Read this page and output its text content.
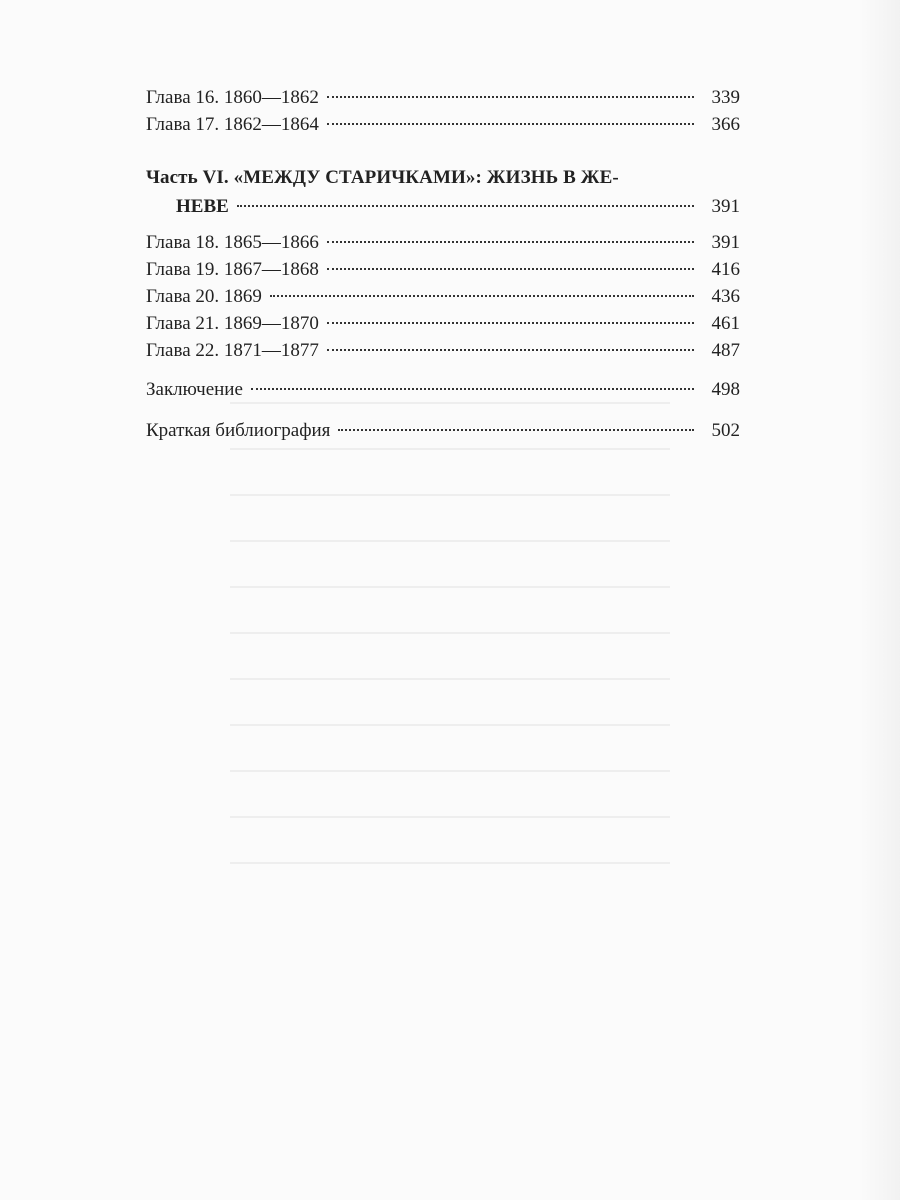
Глава 16. 1860—1862	339
Глава 17. 1862—1864	366
Часть VI. «МЕЖДУ СТАРИЧКАМИ»: ЖИЗНЬ В ЖЕ-
НЕВЕ	391
Глава 18. 1865—1866	391
Глава 19. 1867—1868	416
Глава 20. 1869	436
Глава 21. 1869—1870	461
Глава 22. 1871—1877	487
Заключение	498
Краткая библиография	502
